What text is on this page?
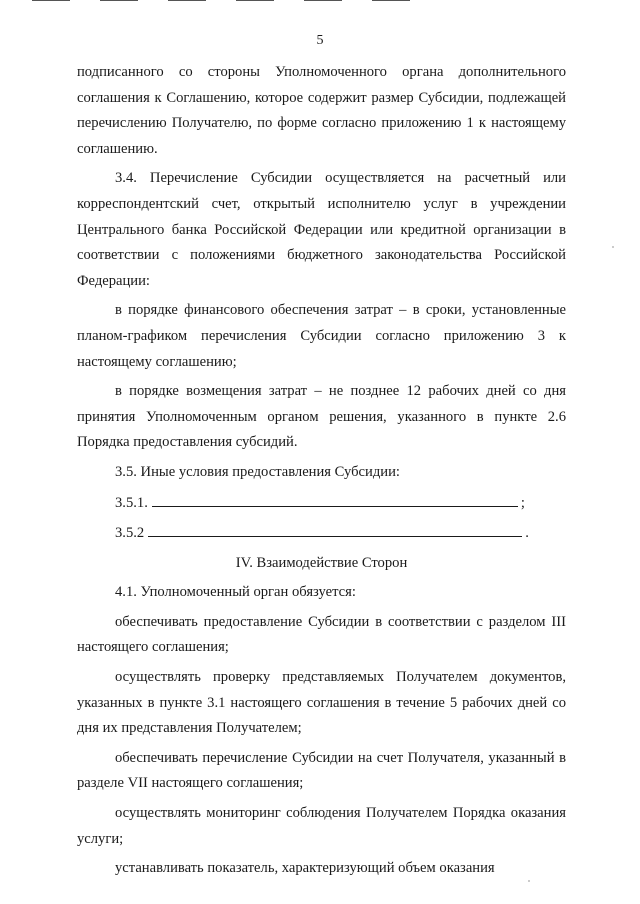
5

подписанного со стороны Уполномоченного органа дополнительного соглашения к Соглашению, которое содержит размер Субсидии, подлежащей перечислению Получателю, по форме согласно приложению 1 к настоящему соглашению.

3.4. Перечисление Субсидии осуществляется на расчетный или корреспондентский счет, открытый исполнителю услуг в учреждении Центрального банка Российской Федерации или кредитной организации в соответствии с положениями бюджетного законодательства Российской Федерации:

в порядке финансового обеспечения затрат – в сроки, установленные планом-графиком перечисления Субсидии согласно приложению 3 к настоящему соглашению;

в порядке возмещения затрат – не позднее 12 рабочих дней со дня принятия Уполномоченным органом решения, указанного в пункте 2.6 Порядка предоставления субсидий.

3.5. Иные условия предоставления Субсидии:

3.5.1.	;
3.5.2	.

IV. Взаимодействие Сторон

4.1. Уполномоченный орган обязуется:

обеспечивать предоставление Субсидии в соответствии с разделом III настоящего соглашения;

осуществлять проверку представляемых Получателем документов, указанных в пункте 3.1 настоящего соглашения в течение 5 рабочих дней со дня их представления Получателем;

обеспечивать перечисление Субсидии на счет Получателя, указанный в разделе VII настоящего соглашения;

осуществлять мониторинг соблюдения Получателем Порядка оказания услуги;

устанавливать показатель, характеризующий объем оказания
